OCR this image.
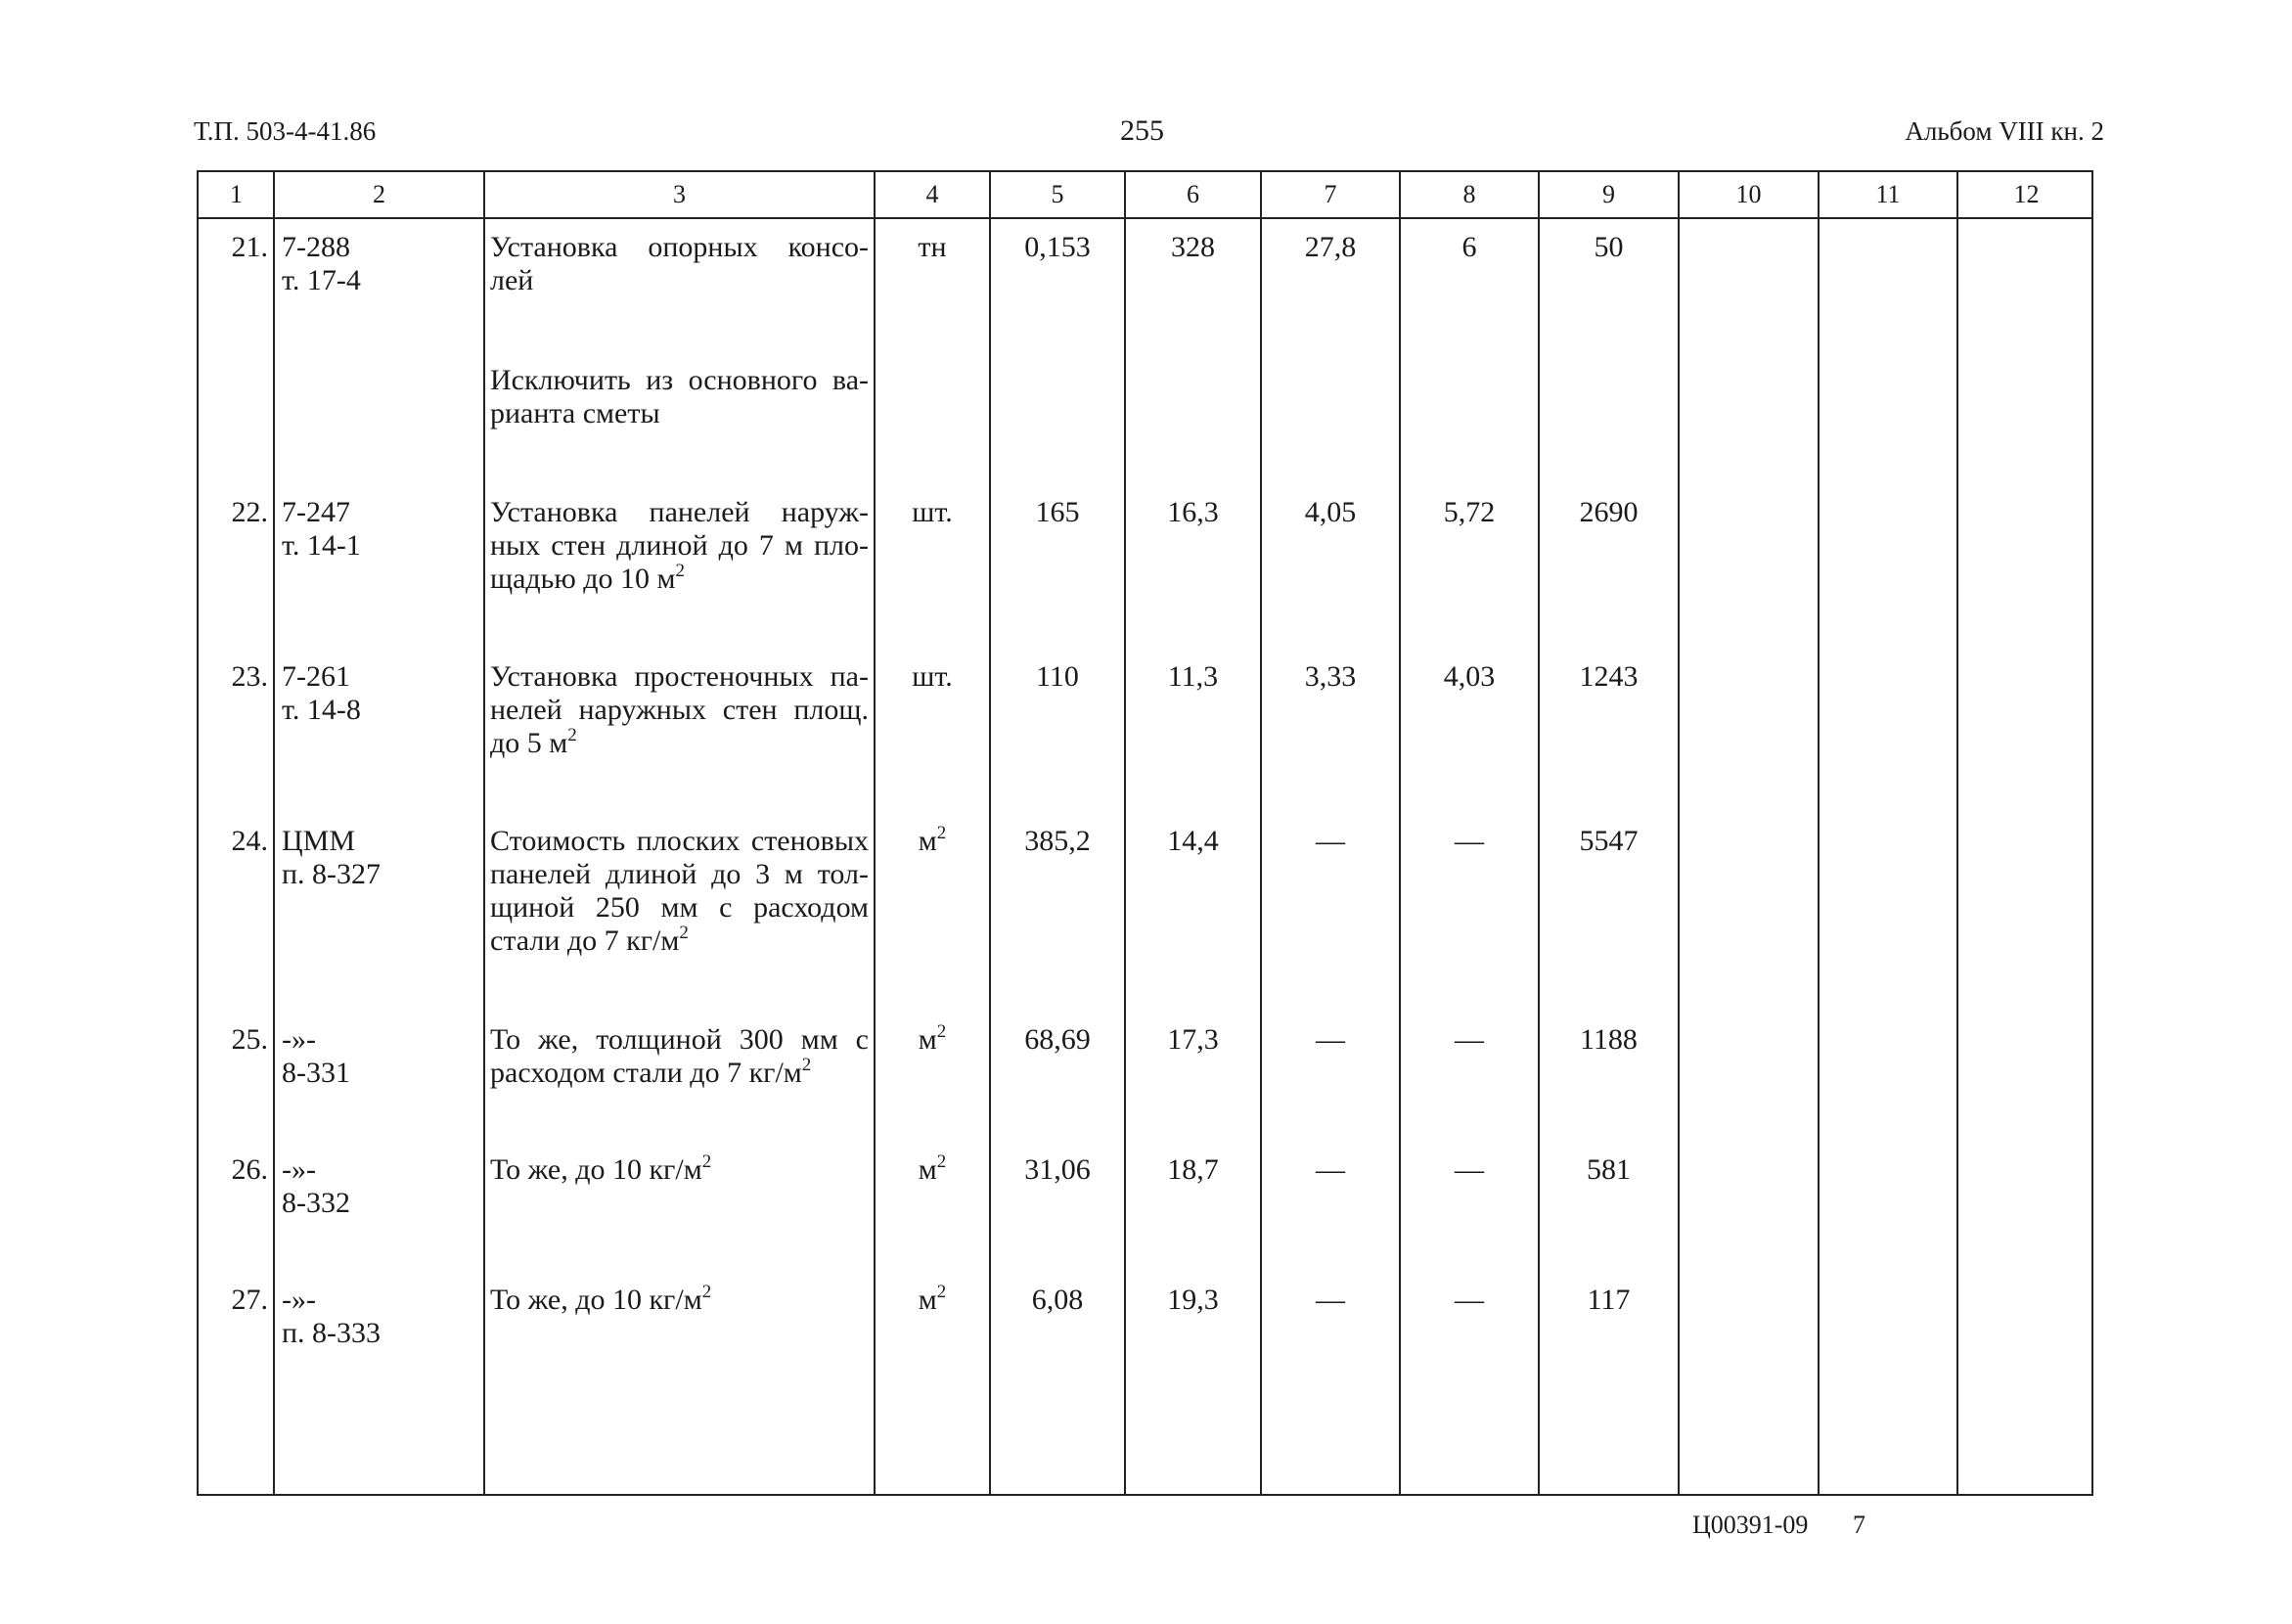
Т.П. 503-4-41.86	255	Альбом VIII кн. 2
1	2	3	4	5	6	7	8	9	10	11	12
21. 7-288
т. 17-4
Установка опорных консо-
лей
тн	0,153	328	27,8	6	50
Исключить из основного ва-
рианта сметы
22. 7-247
т. 14-1
Установка панелей наруж-
ных стен длиной до 7 м пло-
щадью до 10 $м^2$
шт.	165	16,3	4,05	5,72	2690
23. 7-261
т. 14-8
Установка простеночных па-
нелей наружных стен площ.
до 5 $м^2$
шт.	110	11,3	3,33	4,03	1243
24. ЦММ
п. 8-327
Стоимость плоских стеновых
панелей длиной до 3 м тол-
щиной 250 мм с расходом
стали до 7 $кг/м^2$
$м^2$	385,2	14,4	—	—	5547
25. -»-
8-331
То же, толщиной 300 мм с
расходом стали до 7 $кг/м^2$
$м^2$	68,69	17,3	—	—	1188
26. -»-
8-332
То же, до 10 $кг/м^2$	$м^2$	31,06	18,7	—	—	581
27. -»-
п. 8-333
То же, до 10 $кг/м^2$	$м^2$	6,08	19,3	—	—	117
Ц00391-09 7
